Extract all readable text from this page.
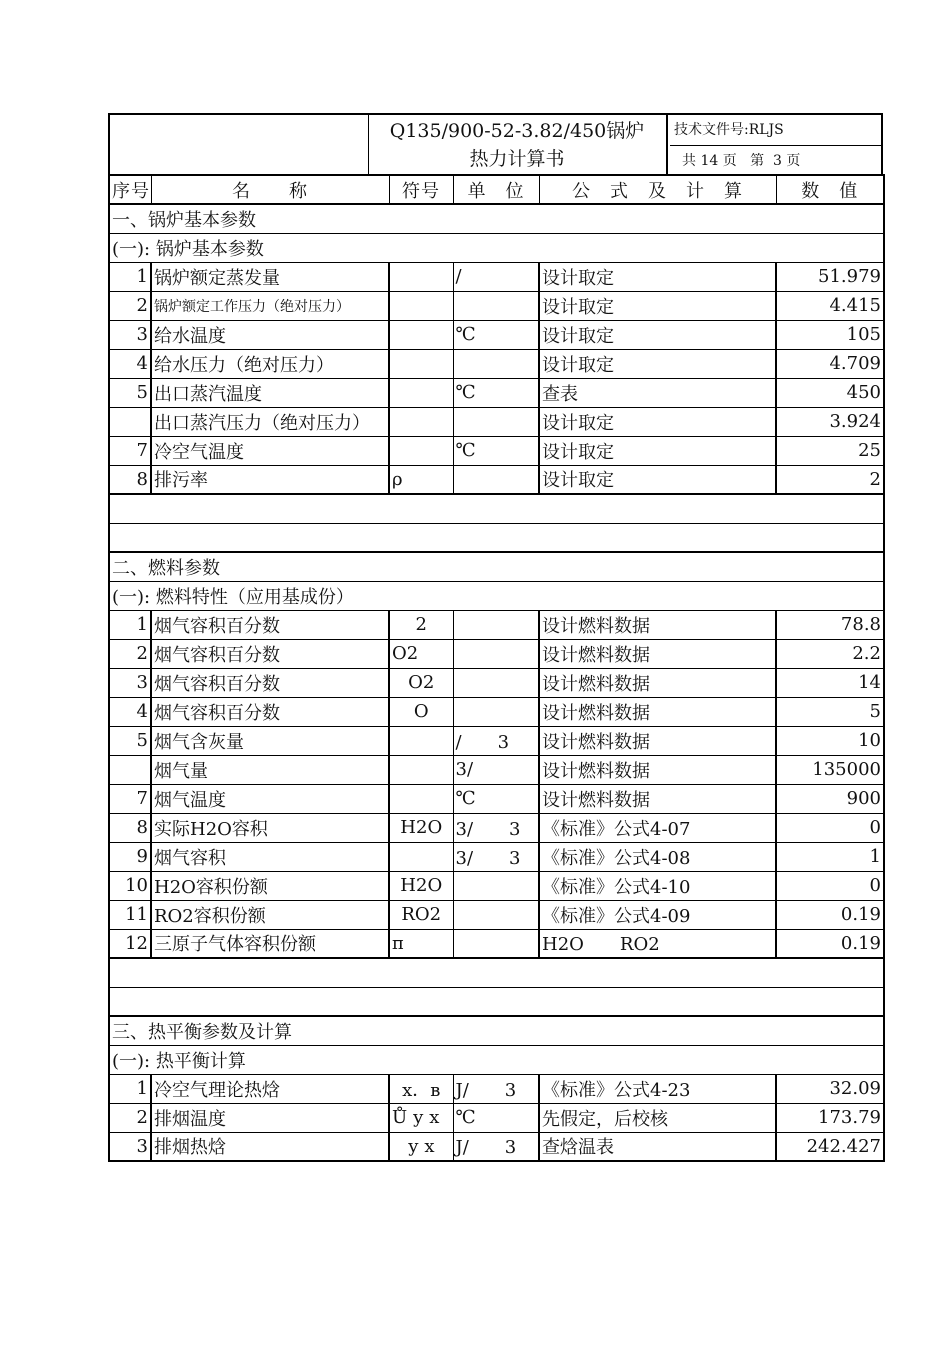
Q135/900-52-3.82/450锅炉
热力计算书
技术文件号:RLJS
共 14 页   第  3 页
序号	名　　称	符号	单　位	公　式　及　计　算	数　值
一、锅炉基本参数					
(一): 锅炉基本参数					
1	锅炉额定蒸发量		/	设计取定	51.979
2	锅炉额定工作压力（绝对压力）			设计取定	4.415
3	给水温度		℃	设计取定	105
4	给水压力（绝对压力）			设计取定	4.709
5	出口蒸汽温度		℃	查表	450
	出口蒸汽压力（绝对压力）			设计取定	3.924
7	冷空气温度		℃	设计取定	25
8	排污率	ρ		设计取定	2

二、燃料参数					
(一): 燃料特性（应用基成份）					
1	烟气容积百分数	2		设计燃料数据	78.8
2	烟气容积百分数	O2		设计燃料数据	2.2
3	烟气容积百分数	O2		设计燃料数据	14
4	烟气容积百分数	O		设计燃料数据	5
5	烟气含灰量		/　　3	设计燃料数据	10
	烟气量		3/	设计燃料数据	135000
7	烟气温度		℃	设计燃料数据	900
8	实际H2O容积	H2O	3/　　3	《标准》公式4-07	0
9	烟气容积		3/　　3	《标准》公式4-08	1
10	H2O容积份额	H2O		《标准》公式4-10	0
11	RO2容积份额	RO2		《标准》公式4-09	0.19
12	三原子气体容积份额	п		H2O　　RO2	0.19

三、热平衡参数及计算					
(一): 热平衡计算					
1	冷空气理论热焓	х．в	J/　　3	《标准》公式4-23	32.09
2	排烟温度	Ů у х	℃	先假定，后校核	173.79
3	排烟热焓	у х	J/　　3	查焓温表	242.427
